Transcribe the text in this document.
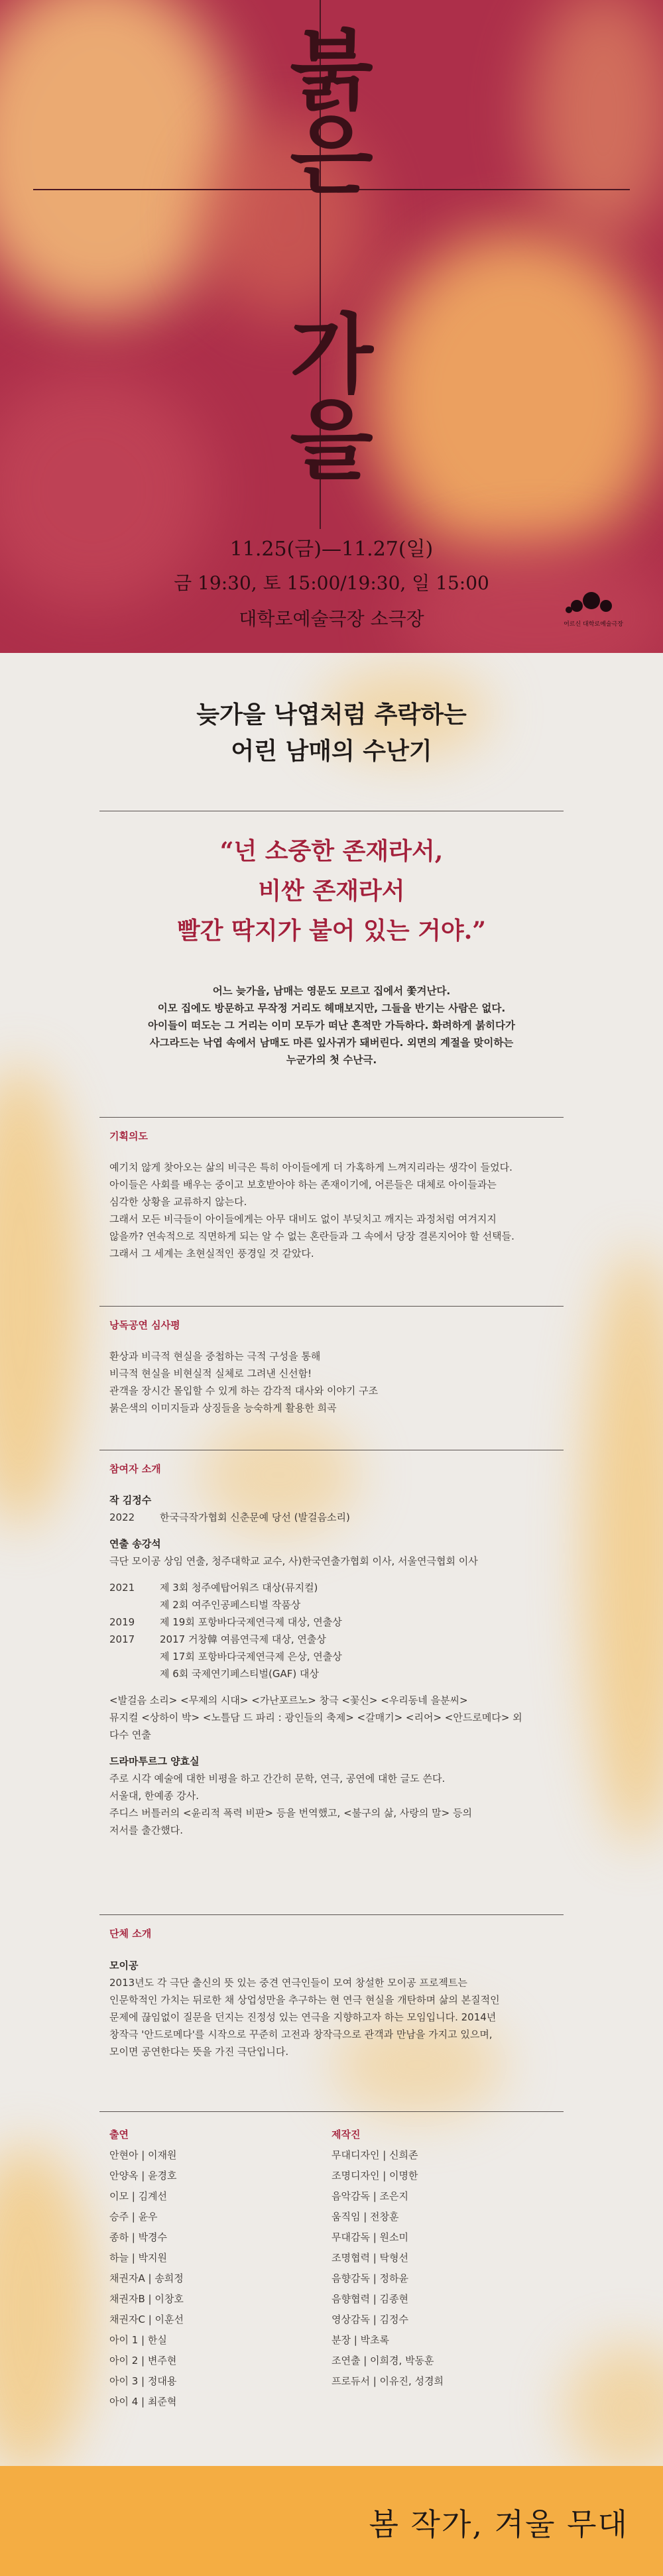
붉
은
가
을
11.25(금)—11.27(일)
금 19:30, 토 15:00/19:30, 일 15:00
대학로예술극장 소극장	어르신 대학로예술극장
늦가을 낙엽처럼 추락하는
어린 남매의 수난기
“넌 소중한 존재라서,
비싼 존재라서
빨간 딱지가 붙어 있는 거야.”
어느 늦가을, 남매는 영문도 모르고 집에서 쫓겨난다.
이모 집에도 방문하고 무작정 거리도 헤매보지만, 그들을 반기는 사람은 없다.
아이들이 떠도는 그 거리는 이미 모두가 떠난 흔적만 가득하다. 화려하게 붉히다가
사그라드는 낙엽 속에서 남매도 마른 잎사귀가 돼버린다. 외면의 계절을 맞이하는
누군가의 첫 수난극.
기획의도

예기치 않게 찾아오는 삶의 비극은 특히 아이들에게 더 가혹하게 느껴지리라는 생각이 들었다.

아이들은 사회를 배우는 중이고 보호받아야 하는 존재이기에, 어른들은 대체로 아이들과는

심각한 상황을 교류하지 않는다.

그래서 모든 비극들이 아이들에게는 아무 대비도 없이 부딪치고 깨지는 과정처럼 여겨지지

않을까? 연속적으로 직면하게 되는 알 수 없는 혼란들과 그 속에서 당장 결론지어야 할 선택들.

그래서 그 세계는 초현실적인 풍경일 것 같았다.

낭독공연 심사평

환상과 비극적 현실을 중첩하는 극적 구성을 통해

비극적 현실을 비현실적 실체로 그려낸 신선함!

관객을 장시간 몰입할 수 있게 하는 감각적 대사와 이야기 구조

붉은색의 이미지들과 상징들을 능숙하게 활용한 희곡

참여자 소개

작 김정수

2022	한국극작가협회 신춘문예 당선 (발걸음소리)

연출 송강석

극단 모이공 상임 연출, 청주대학교 교수, 사)한국연출가협회 이사, 서울연극협회 이사

2021	제 3회 청주예탑어워즈 대상(뮤지컬)
제 2회 여주인공페스티벌 작품상
2019	제 19회 포항바다국제연극제 대상, 연출상
2017	2017 거창韓 여름연극제 대상, 연출상
제 17회 포항바다국제연극제 은상, 연출상
제 6회 국제연기페스티벌(GAF) 대상

<발걸음 소리> <무제의 시대> <가난포르노> 창극 <꽃신> <우리동네 을분씨>

뮤지컬 <상하이 박> <노틀담 드 파리 : 광인들의 축제> <갈매기> <리어> <안드로메다> 외

다수 연출

드라마투르그 양효실

주로 시각 예술에 대한 비평을 하고 간간히 문학, 연극, 공연에 대한 글도 쓴다.

서울대, 한예종 강사.

주디스 버틀러의 <윤리적 폭력 비판> 등을 번역했고, <불구의 삶, 사랑의 말> 등의

저서를 출간했다.

단체 소개

모이공

2013년도 각 극단 출신의 뜻 있는 중견 연극인들이 모여 창설한 모이공 프로젝트는

인문학적인 가치는 뒤로한 채 상업성만을 추구하는 현 연극 현실을 개탄하며 삶의 본질적인

문제에 끊임없이 질문을 던지는 진정성 있는 연극을 지향하고자 하는 모임입니다. 2014년

창작극 '안드로메다'를 시작으로 꾸준히 고전과 창작극으로 관객과 만남을 가지고 있으며,

모이면 공연한다는 뜻을 가진 극단입니다.

출연
안현아 | 이재원
안양옥 | 윤경호
이모 | 김계선
승주 | 윤우
종하 | 박경수
하늘 | 박지원
채권자A | 송희정
채권자B | 이창호
채권자C | 이훈선
아이 1 | 한실
아이 2 | 변주현
아이 3 | 정대용
아이 4 | 최준혁
제작진
무대디자인 | 신희존
조명디자인 | 이명한
음악감독 | 조은지
움직임 | 전창훈
무대감독 | 원소미
조명협력 | 탁형선
음향감독 | 정하윤
음향협력 | 김종현
영상감독 | 김정수
분장 | 박초록
조연출 | 이희경, 박동훈
프로듀서 | 이유진, 성경희
봄 작가, 겨울 무대
